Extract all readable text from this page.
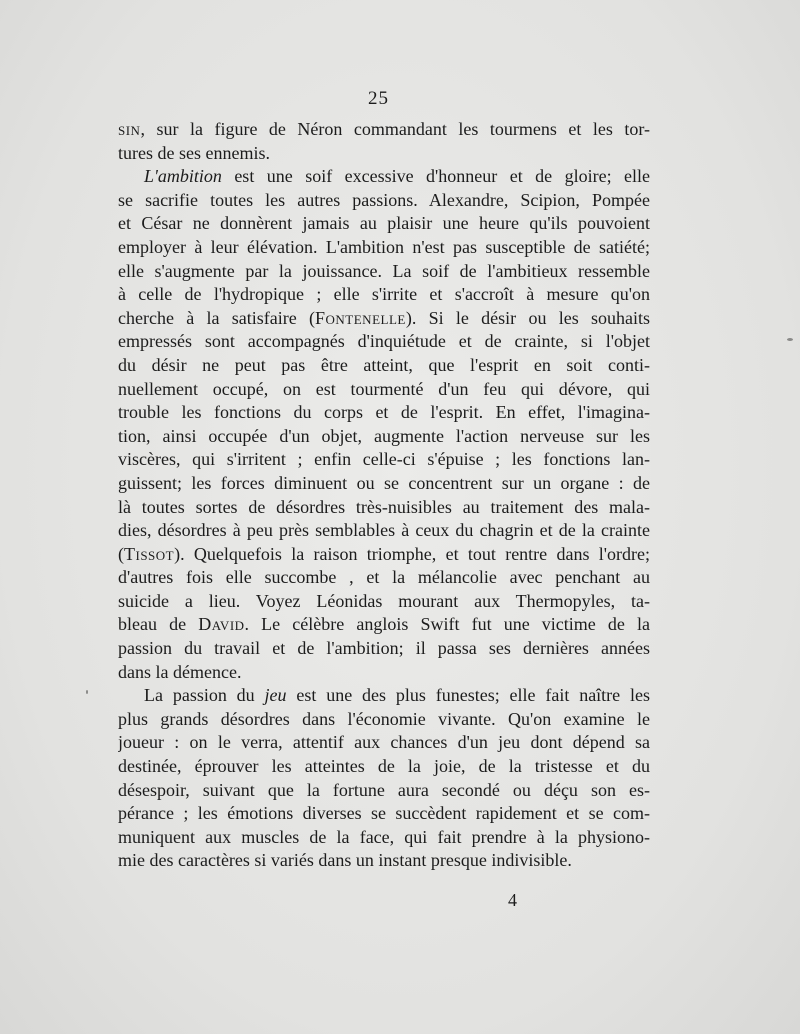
25
sin, sur la figure de Néron commandant les tourmens et les tor-
tures de ses ennemis.
L'ambition est une soif excessive d'honneur et de gloire; elle
se sacrifie toutes les autres passions. Alexandre, Scipion, Pompée
et César ne donnèrent jamais au plaisir une heure qu'ils pouvoient
employer à leur élévation. L'ambition n'est pas susceptible de satiété;
elle s'augmente par la jouissance. La soif de l'ambitieux ressemble
à celle de l'hydropique ; elle s'irrite et s'accroît à mesure qu'on
cherche à la satisfaire (Fontenelle). Si le désir ou les souhaits
empressés sont accompagnés d'inquiétude et de crainte, si l'objet
du désir ne peut pas être atteint, que l'esprit en soit conti-
nuellement occupé, on est tourmenté d'un feu qui dévore, qui
trouble les fonctions du corps et de l'esprit. En effet, l'imagina-
tion, ainsi occupée d'un objet, augmente l'action nerveuse sur les
viscères, qui s'irritent ; enfin celle-ci s'épuise ; les fonctions lan-
guissent; les forces diminuent ou se concentrent sur un organe : de
là toutes sortes de désordres très-nuisibles au traitement des mala-
dies, désordres à peu près semblables à ceux du chagrin et de la crainte
(Tissot). Quelquefois la raison triomphe, et tout rentre dans l'ordre;
d'autres fois elle succombe , et la mélancolie avec penchant au
suicide a lieu. Voyez Léonidas mourant aux Thermopyles, ta-
bleau de David. Le célèbre anglois Swift fut une victime de la
passion du travail et de l'ambition; il passa ses dernières années
dans la démence.
La passion du jeu est une des plus funestes; elle fait naître les
plus grands désordres dans l'économie vivante. Qu'on examine le
joueur : on le verra, attentif aux chances d'un jeu dont dépend sa
destinée, éprouver les atteintes de la joie, de la tristesse et du
désespoir, suivant que la fortune aura secondé ou déçu son es-
pérance ; les émotions diverses se succèdent rapidement et se com-
muniquent aux muscles de la face, qui fait prendre à la physiono-
mie des caractères si variés dans un instant presque indivisible.
4
